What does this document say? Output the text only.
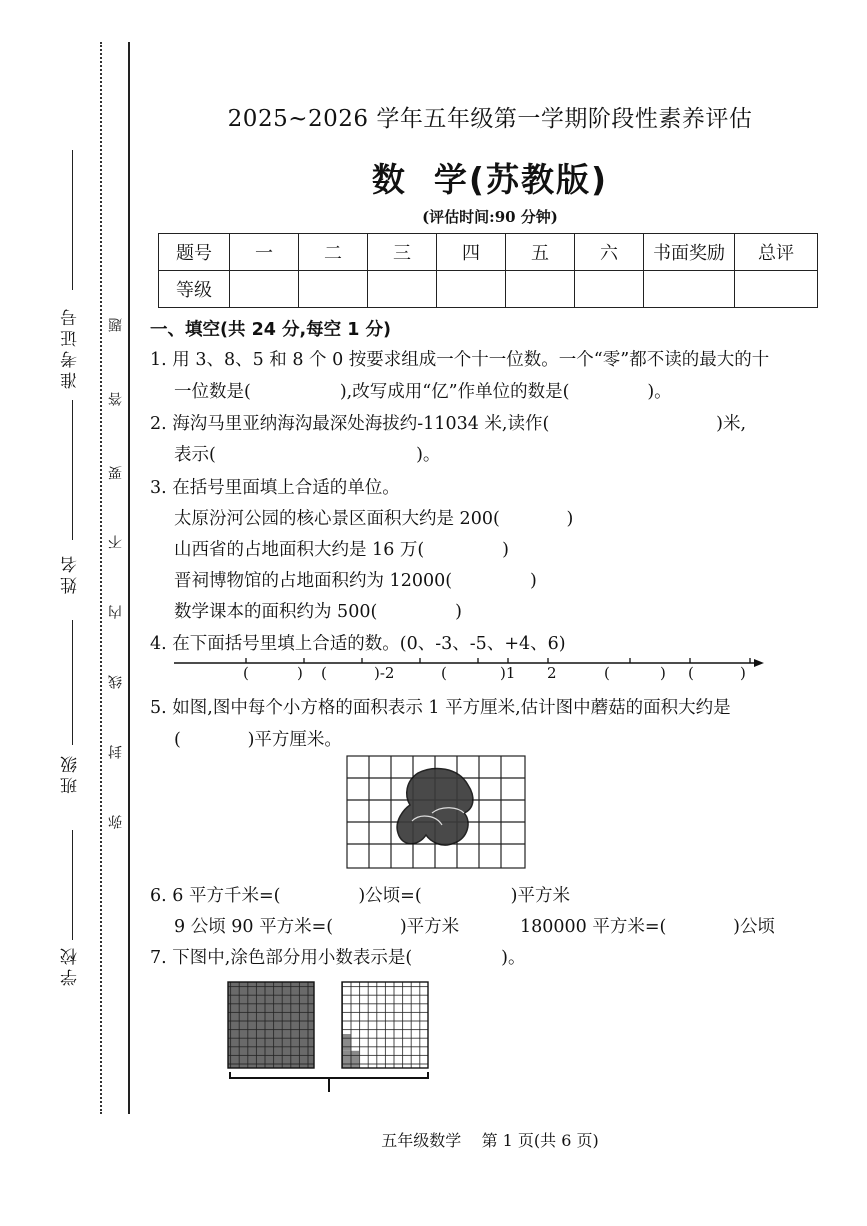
准考证号
姓名
班级
学校
题
答
要
不
内
线
封
弥
2025~2026 学年五年级第一学期阶段性素养评估
数  学(苏教版)
(评估时间:90 分钟)
题号	一	二	三	四	五	六	书面奖励	总评
等级								
一、填空(共 24 分,每空 1 分)
1. 用 3、8、5 和 8 个 0 按要求组成一个十一位数。一个“零”都不读的最大的十
一位数是(                ),改写成用“亿”作单位的数是(              )。
2. 海沟马里亚纳海沟最深处海拔约-11034 米,读作(                              )米,
表示(                                    )。
3. 在括号里面填上合适的单位。
太原汾河公园的核心景区面积大约是 200(            )
山西省的占地面积大约是 16 万(              )
晋祠博物馆的占地面积约为 12000(              )
数学课本的面积约为 500(              )
4. 在下面括号里填上合适的数。(0、-3、-5、+4、6)
(	) (	)-2	(	)1 2	(	) (	)
5. 如图,图中每个小方格的面积表示 1 平方厘米,估计图中蘑菇的面积大约是
(            )平方厘米。
6. 6 平方千米=(              )公顷=(                )平方米
9 公顷 90 平方米=(            )平方米	180000 平方米=(            )公顷
7. 下图中,涂色部分用小数表示是(                )。
五年级数学    第 1 页(共 6 页)
